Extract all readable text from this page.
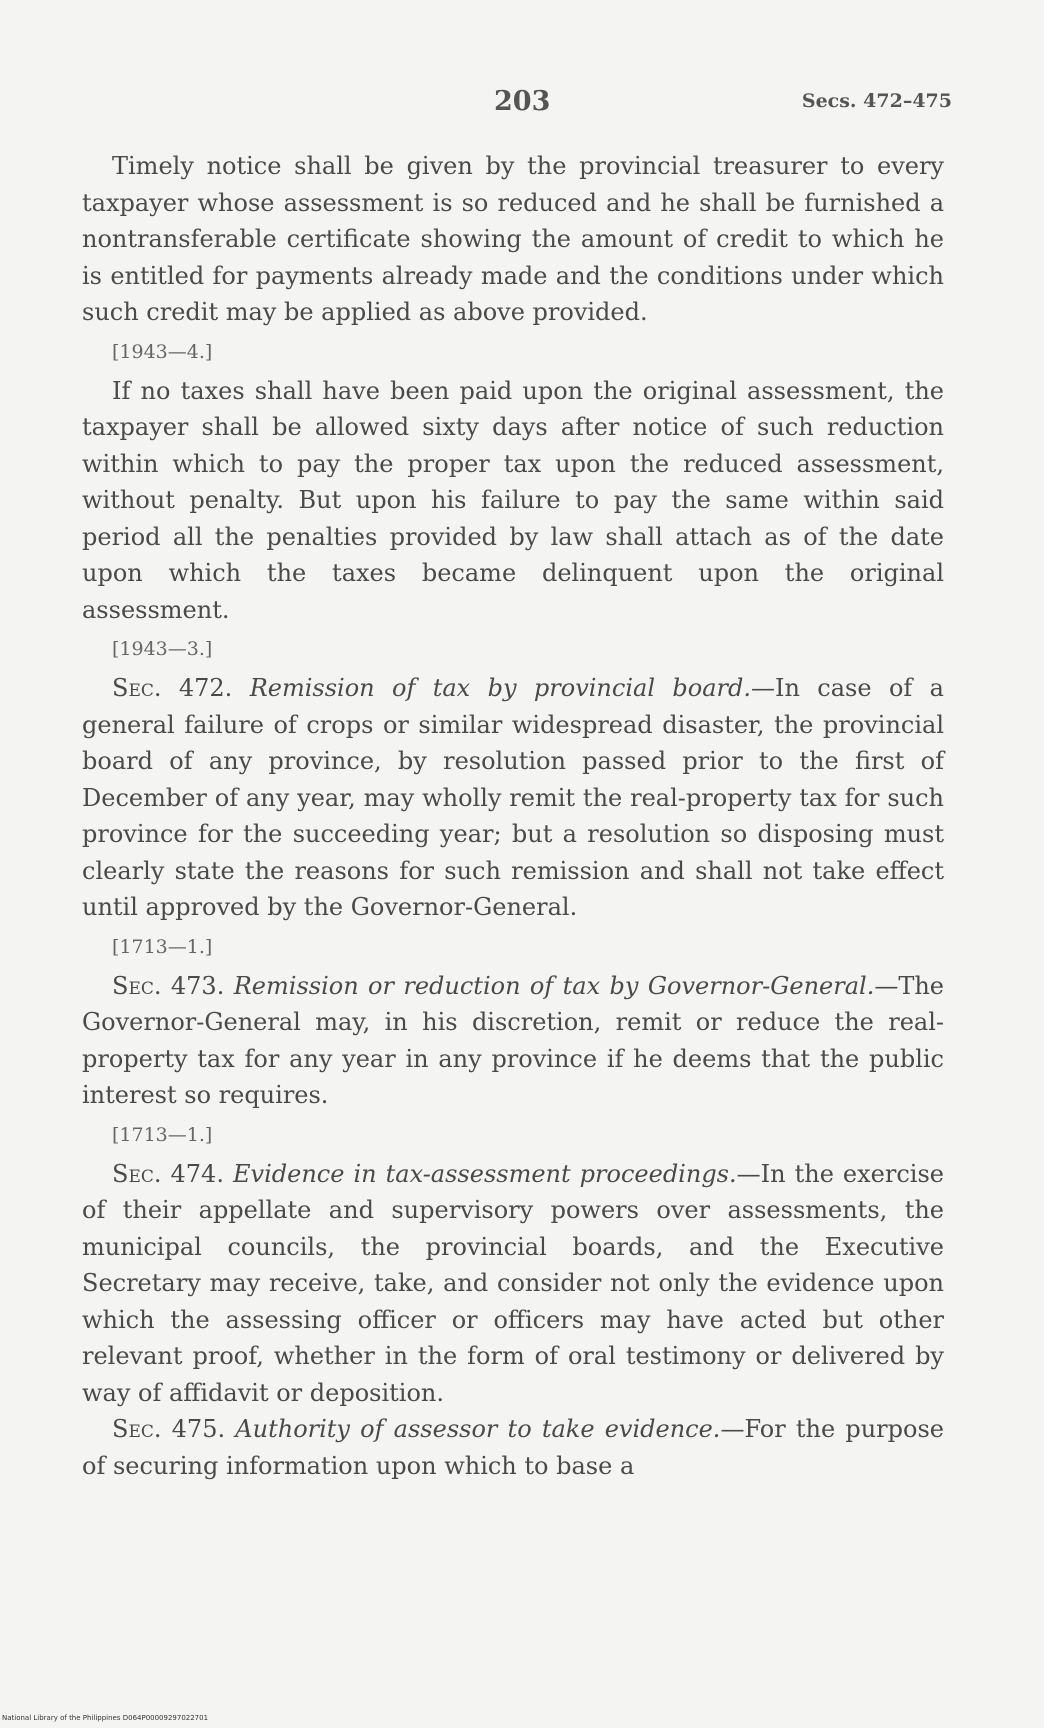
203	Secs. 472–475

Timely notice shall be given by the provincial treasurer to every taxpayer whose assessment is so reduced and he shall be furnished a nontransferable certificate showing the amount of credit to which he is entitled for payments already made and the conditions under which such credit may be applied as above provided.

[1943—4.]

If no taxes shall have been paid upon the original assessment, the taxpayer shall be allowed sixty days after notice of such reduction within which to pay the proper tax upon the reduced assessment, without penalty. But upon his failure to pay the same within said period all the penalties provided by law shall attach as of the date upon which the taxes became delinquent upon the original assessment.

[1943—3.]

Sec. 472. Remission of tax by provincial board.—In case of a general failure of crops or similar widespread disaster, the provincial board of any province, by resolution passed prior to the first of December of any year, may wholly remit the real-property tax for such province for the succeeding year; but a resolution so disposing must clearly state the reasons for such remission and shall not take effect until approved by the Governor-General.

[1713—1.]

Sec. 473. Remission or reduction of tax by Governor-General.—The Governor-General may, in his discretion, remit or reduce the real-property tax for any year in any province if he deems that the public interest so requires.

[1713—1.]

Sec. 474. Evidence in tax-assessment proceedings.—In the exercise of their appellate and supervisory powers over assessments, the municipal councils, the provincial boards, and the Executive Secretary may receive, take, and consider not only the evidence upon which the assessing officer or officers may have acted but other relevant proof, whether in the form of oral testimony or delivered by way of affidavit or deposition.

Sec. 475. Authority of assessor to take evidence.—For the purpose of securing information upon which to base a

National Library of the Philippines D064P00009297022701
